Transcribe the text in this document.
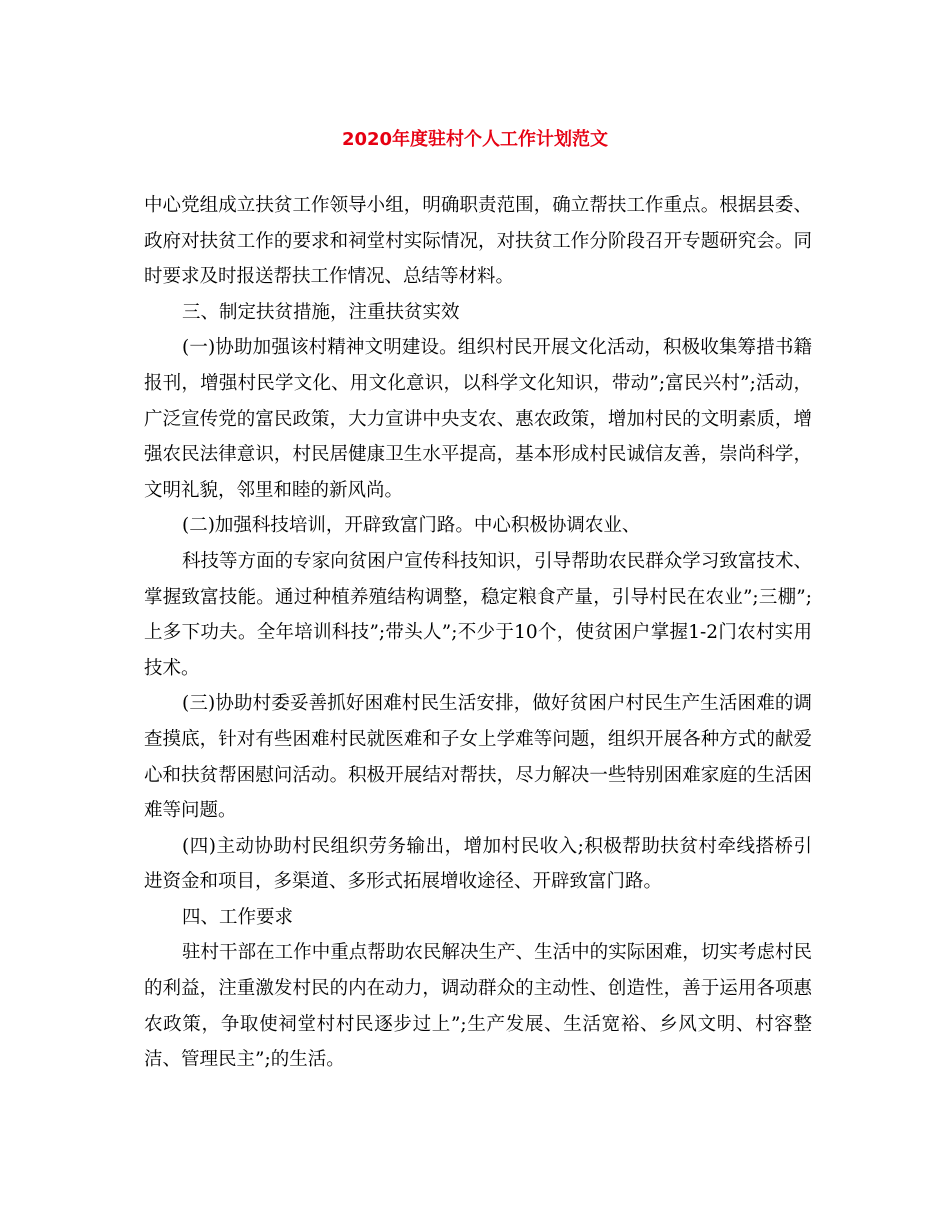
2020年度驻村个人工作计划范文

中心党组成立扶贫工作领导小组，明确职责范围，确立帮扶工作重点。根据县委、政府对扶贫工作的要求和祠堂村实际情况，对扶贫工作分阶段召开专题研究会。同时要求及时报送帮扶工作情况、总结等材料。

三、制定扶贫措施，注重扶贫实效

(一)协助加强该村精神文明建设。组织村民开展文化活动，积极收集筹措书籍报刊，增强村民学文化、用文化意识，以科学文化知识，带动”;富民兴村”;活动，广泛宣传党的富民政策，大力宣讲中央支农、惠农政策，增加村民的文明素质，增强农民法律意识，村民居健康卫生水平提高，基本形成村民诚信友善，崇尚科学，文明礼貌，邻里和睦的新风尚。

(二)加强科技培训，开辟致富门路。中心积极协调农业、

科技等方面的专家向贫困户宣传科技知识，引导帮助农民群众学习致富技术、掌握致富技能。通过种植养殖结构调整，稳定粮食产量，引导村民在农业”;三棚”;上多下功夫。全年培训科技”;带头人”;不少于10个，使贫困户掌握1-2门农村实用技术。

(三)协助村委妥善抓好困难村民生活安排，做好贫困户村民生产生活困难的调查摸底，针对有些困难村民就医难和子女上学难等问题，组织开展各种方式的献爱心和扶贫帮困慰问活动。积极开展结对帮扶，尽力解决一些特别困难家庭的生活困难等问题。

(四)主动协助村民组织劳务输出，增加村民收入;积极帮助扶贫村牵线搭桥引进资金和项目，多渠道、多形式拓展增收途径、开辟致富门路。

四、工作要求

驻村干部在工作中重点帮助农民解决生产、生活中的实际困难，切实考虑村民的利益，注重激发村民的内在动力，调动群众的主动性、创造性，善于运用各项惠农政策，争取使祠堂村村民逐步过上”;生产发展、生活宽裕、乡风文明、村容整洁、管理民主”;的生活。
